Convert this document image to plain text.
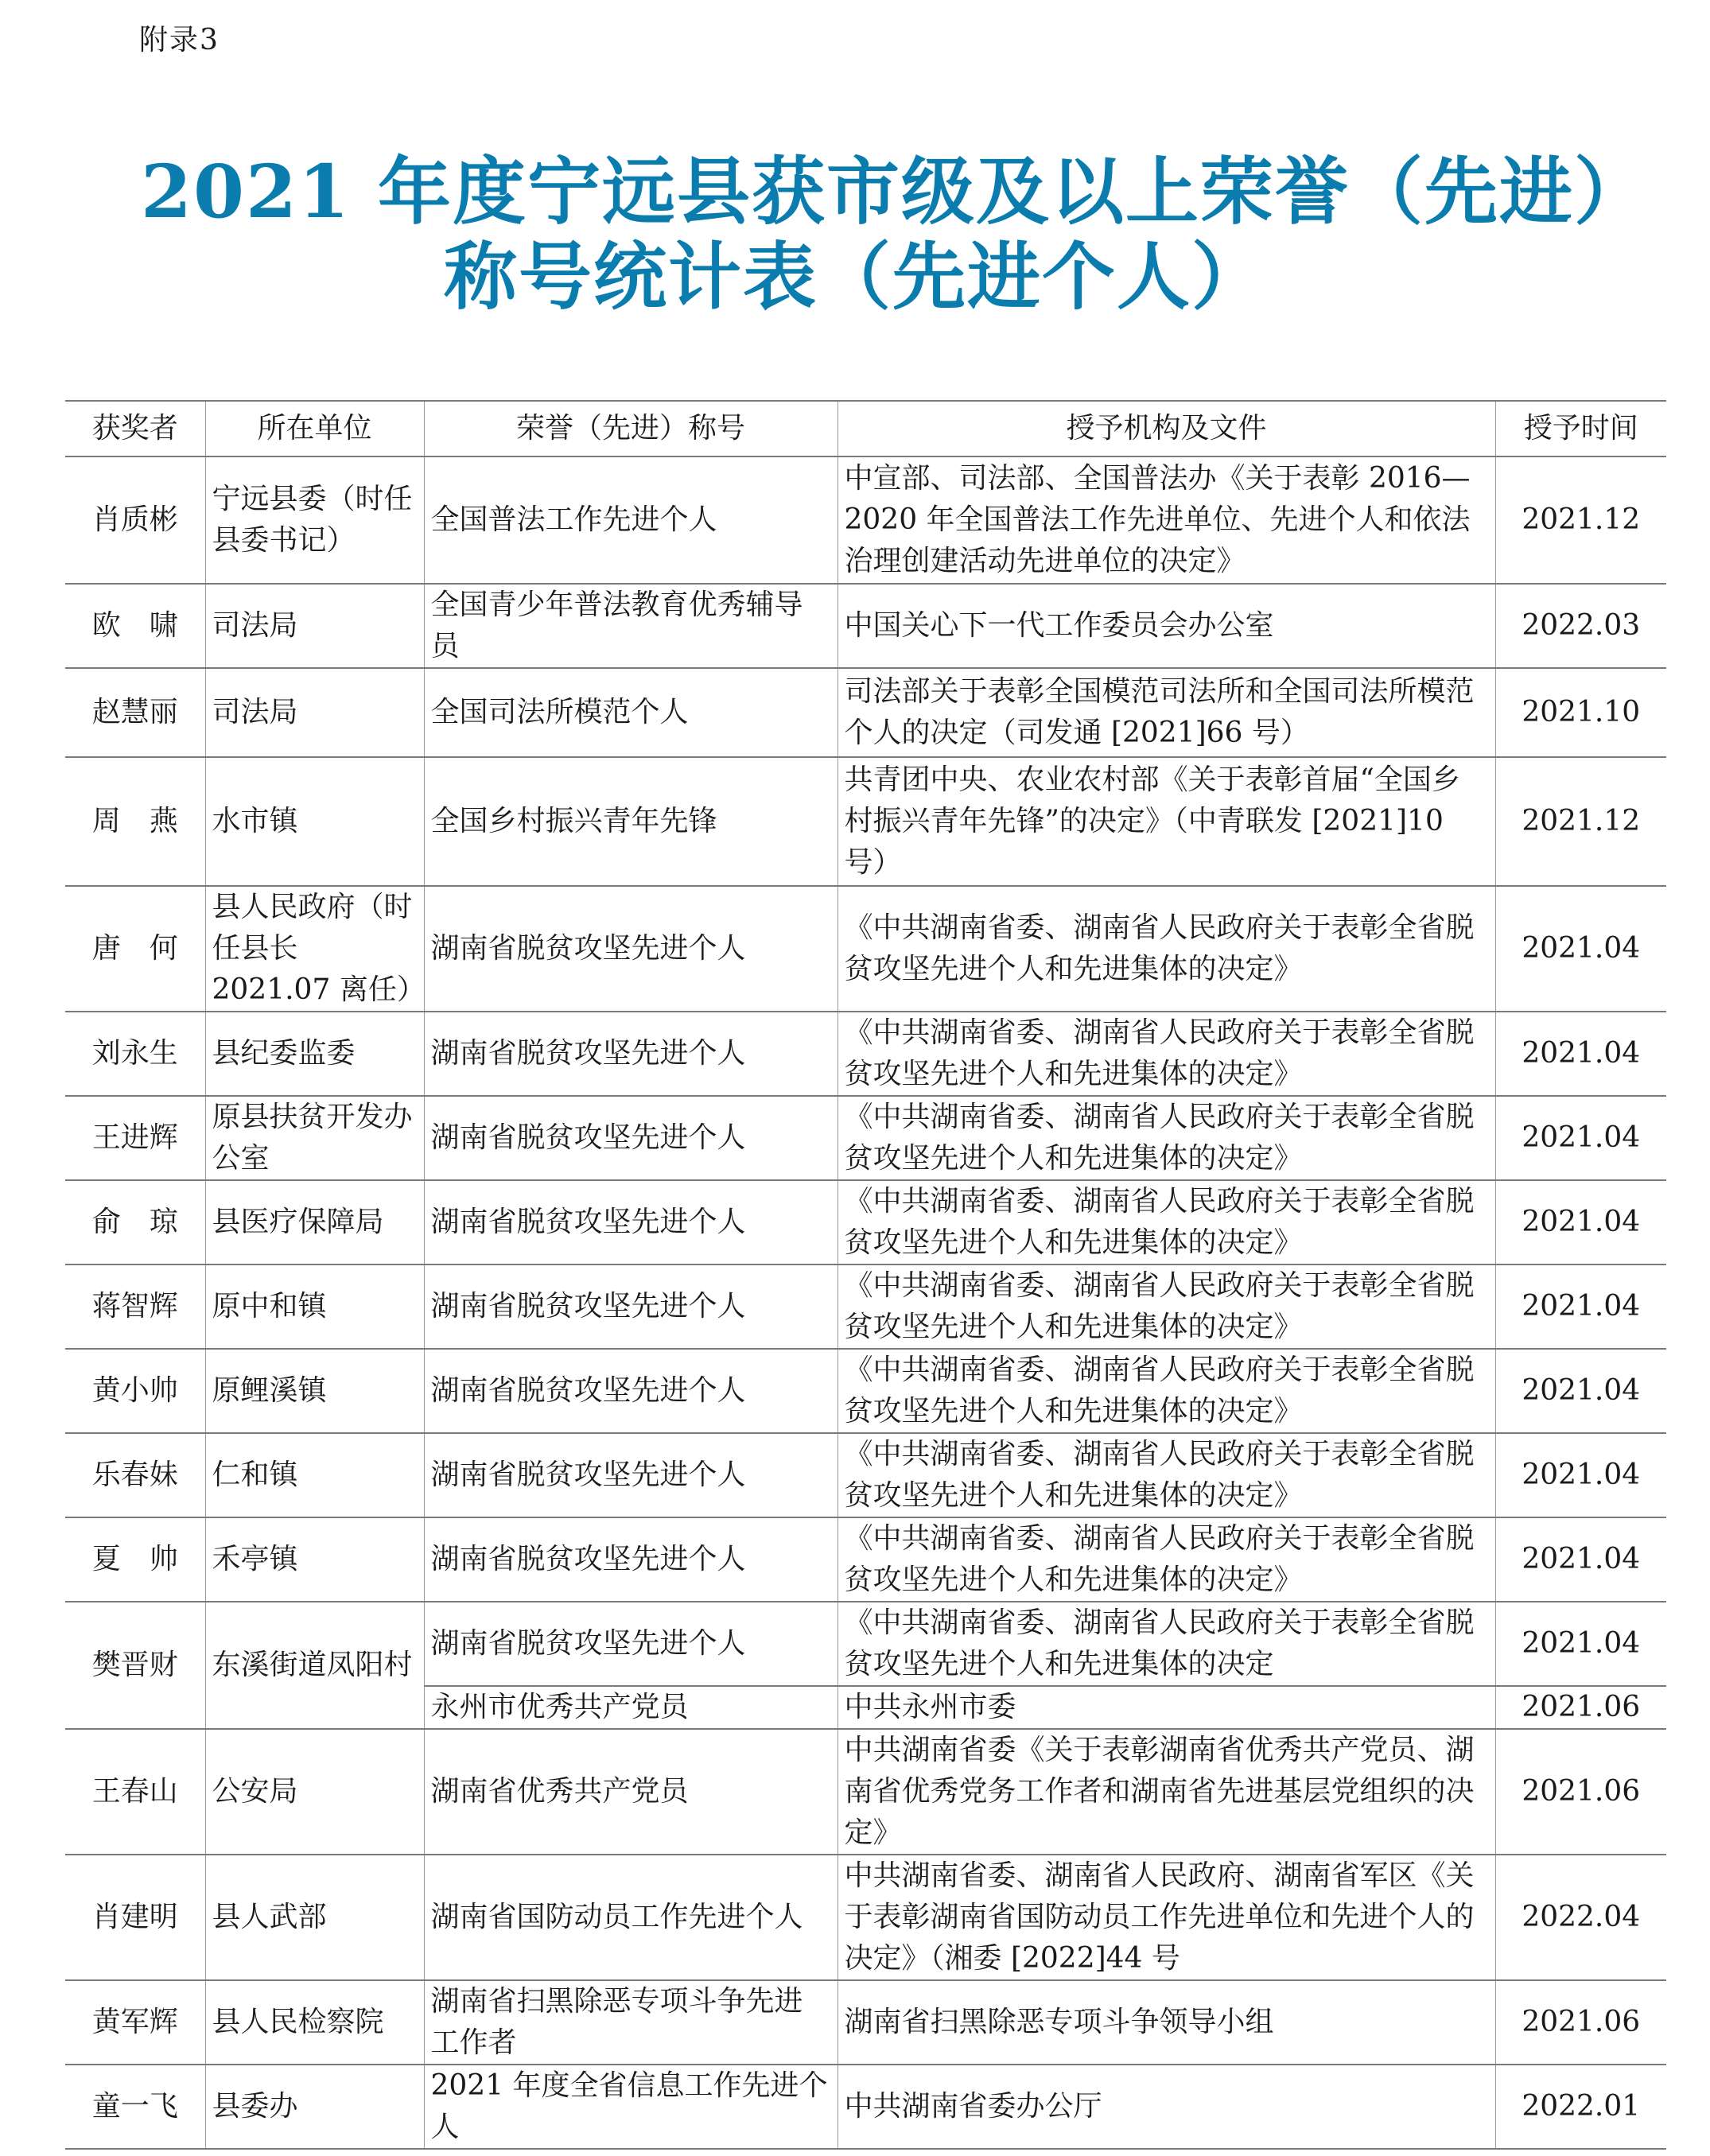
附录3
2021 年度宁远县获市级及以上荣誉（先进）
称号统计表（先进个人）
获奖者	所在单位	荣誉（先进）称号	授予机构及文件	授予时间
肖质彬	宁远县委（时任县委书记）	全国普法工作先进个人	中宣部、司法部、全国普法办《关于表彰 2016—2020 年全国普法工作先进单位、先进个人和依法治理创建活动先进单位的决定》	2021.12
欧　啸	司法局	全国青少年普法教育优秀辅导员	中国关心下一代工作委员会办公室	2022.03
赵慧丽	司法局	全国司法所模范个人	司法部关于表彰全国模范司法所和全国司法所模范个人的决定（司发通 [2021]66 号）	2021.10
周　燕	水市镇	全国乡村振兴青年先锋	共青团中央、农业农村部《关于表彰首届“全国乡村振兴青年先锋”的决定》（中青联发 [2021]10 号）	2021.12
唐　何	县人民政府（时任县长 2021.07 离任）	湖南省脱贫攻坚先进个人	《中共湖南省委、湖南省人民政府关于表彰全省脱贫攻坚先进个人和先进集体的决定》	2021.04
刘永生	县纪委监委	湖南省脱贫攻坚先进个人	《中共湖南省委、湖南省人民政府关于表彰全省脱贫攻坚先进个人和先进集体的决定》	2021.04
王进辉	原县扶贫开发办公室	湖南省脱贫攻坚先进个人	《中共湖南省委、湖南省人民政府关于表彰全省脱贫攻坚先进个人和先进集体的决定》	2021.04
俞　琼	县医疗保障局	湖南省脱贫攻坚先进个人	《中共湖南省委、湖南省人民政府关于表彰全省脱贫攻坚先进个人和先进集体的决定》	2021.04
蒋智辉	原中和镇	湖南省脱贫攻坚先进个人	《中共湖南省委、湖南省人民政府关于表彰全省脱贫攻坚先进个人和先进集体的决定》	2021.04
黄小帅	原鲤溪镇	湖南省脱贫攻坚先进个人	《中共湖南省委、湖南省人民政府关于表彰全省脱贫攻坚先进个人和先进集体的决定》	2021.04
乐春妹	仁和镇	湖南省脱贫攻坚先进个人	《中共湖南省委、湖南省人民政府关于表彰全省脱贫攻坚先进个人和先进集体的决定》	2021.04
夏　帅	禾亭镇	湖南省脱贫攻坚先进个人	《中共湖南省委、湖南省人民政府关于表彰全省脱贫攻坚先进个人和先进集体的决定》	2021.04
樊晋财	东溪街道凤阳村	湖南省脱贫攻坚先进个人	《中共湖南省委、湖南省人民政府关于表彰全省脱贫攻坚先进个人和先进集体的决定	2021.04
		永州市优秀共产党员	中共永州市委	2021.06
王春山	公安局	湖南省优秀共产党员	中共湖南省委《关于表彰湖南省优秀共产党员、湖南省优秀党务工作者和湖南省先进基层党组织的决定》	2021.06
肖建明	县人武部	湖南省国防动员工作先进个人	中共湖南省委、湖南省人民政府、湖南省军区《关于表彰湖南省国防动员工作先进单位和先进个人的决定》（湘委 [2022]44 号	2022.04
黄军辉	县人民检察院	湖南省扫黑除恶专项斗争先进工作者	湖南省扫黑除恶专项斗争领导小组	2021.06
童一飞	县委办	2021 年度全省信息工作先进个人	中共湖南省委办公厅	2022.01
